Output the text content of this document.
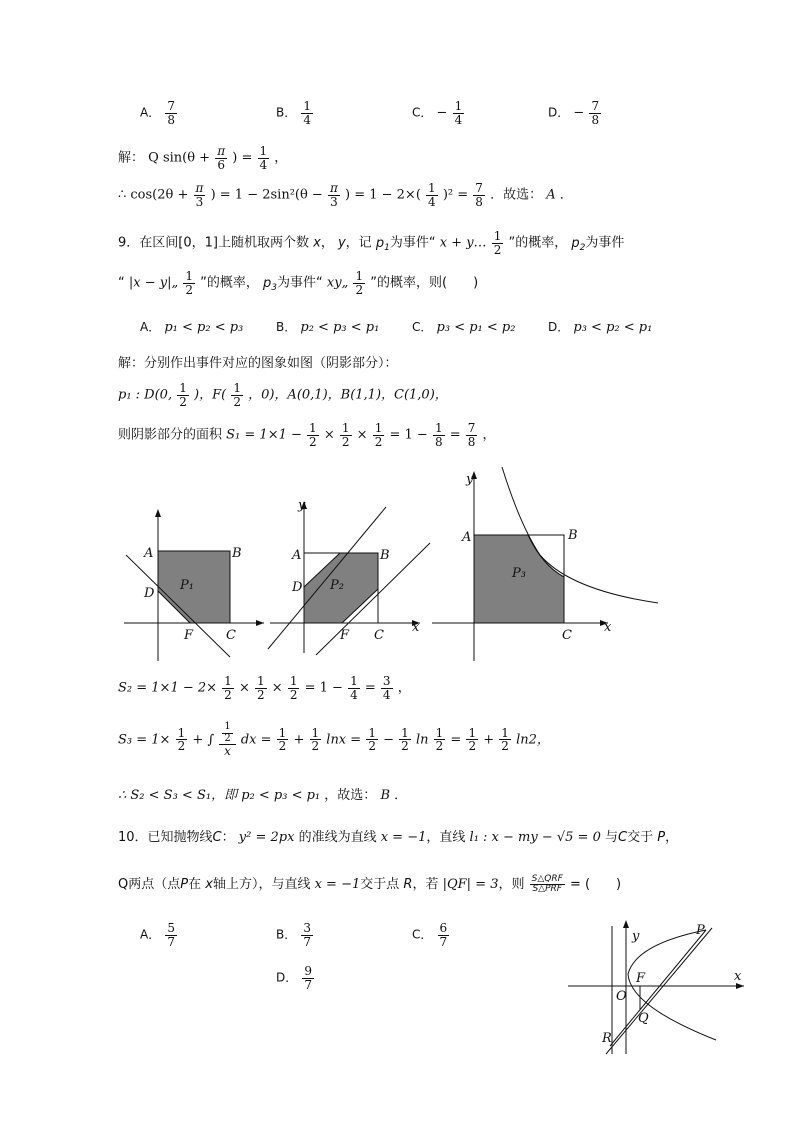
A． $\frac{7}{8}$	B． $\frac{1}{4}$	C． − $\frac{1}{4}$	D． − $\frac{7}{8}$
解： Q $\sin(\theta + \frac{\pi}{6}$ ) = $\frac{1}{4}$ ，
∴ $\cos(2\theta + \frac{\pi}{3}$ ) = $1 - 2\sin^2(\theta - \frac{\pi}{3}$ ) = $1 - 2\times( \frac{1}{4} )^2 = \frac{7}{8}$ ．故选： A ．
9．在区间[0，1]上随机取两个数 x， y，记 $p_1$为事件“ x + y… $\frac{1}{2}$ ”的概率， $p_2$为事件
“ |x − y|„ $\frac{1}{2}$ ”的概率， $p_3$为事件“ xy„ $\frac{1}{2}$ ”的概率，则(　　)
A． p₁ < p₂ < p₃	B． p₂ < p₃ < p₁	C． p₃ < p₁ < p₂	D． p₃ < p₂ < p₁
解：分别作出事件对应的图象如图（阴影部分）：
p₁ : D(0, $\frac{1}{2}$ )，$F( \frac{1}{2}$ ，0)，A(0,1)，B(1,1)，C(1,0)，
则阴影部分的面积 $S_1 = 1\times 1 - \frac{1}{2} \times \frac{1}{2} \times \frac{1}{2} = 1 - \frac{1}{8} = \frac{7}{8}$ ，
A	B
D
F	C
P₁
y
x
A	B
D
F C
P₂
y
x
A	B
C
P₃
$S_2 = 1\times 1 - 2\times \frac{1}{2} \times \frac{1}{2} \times \frac{1}{2} = 1 - \frac{1}{4} = \frac{3}{4}$ ，
$S_3 = 1\times \frac{1}{2}$ + ∫ $\frac{\frac{1}{2}}{x}$ dx = $\frac{1}{2} + \frac{1}{2}$ $\ln x = \frac{1}{2} - \frac{1}{2}$ $\ln \frac{1}{2} = \frac{1}{2} + \frac{1}{2} \ln 2$，
∴ S₂ < S₃ < S₁，即 p₂ < p₃ < p₁ ，故选： B ．
10．已知抛物线C： y² = 2px 的准线为直线 x = −1，直线 l₁ : x − my − √5 = 0 与C交于 P，
Q两点（点P在 x轴上方），与直线 x = −1交于点 R，若 |QF| = 3，则 $\frac{\text{S△QRF}}{\text{S△PRF}}$ = (　　)
A． $\frac{5}{7}$	B． $\frac{3}{7}$	C． $\frac{6}{7}$
D． $\frac{9}{7}$
y
x
P
F
O
Q
R
